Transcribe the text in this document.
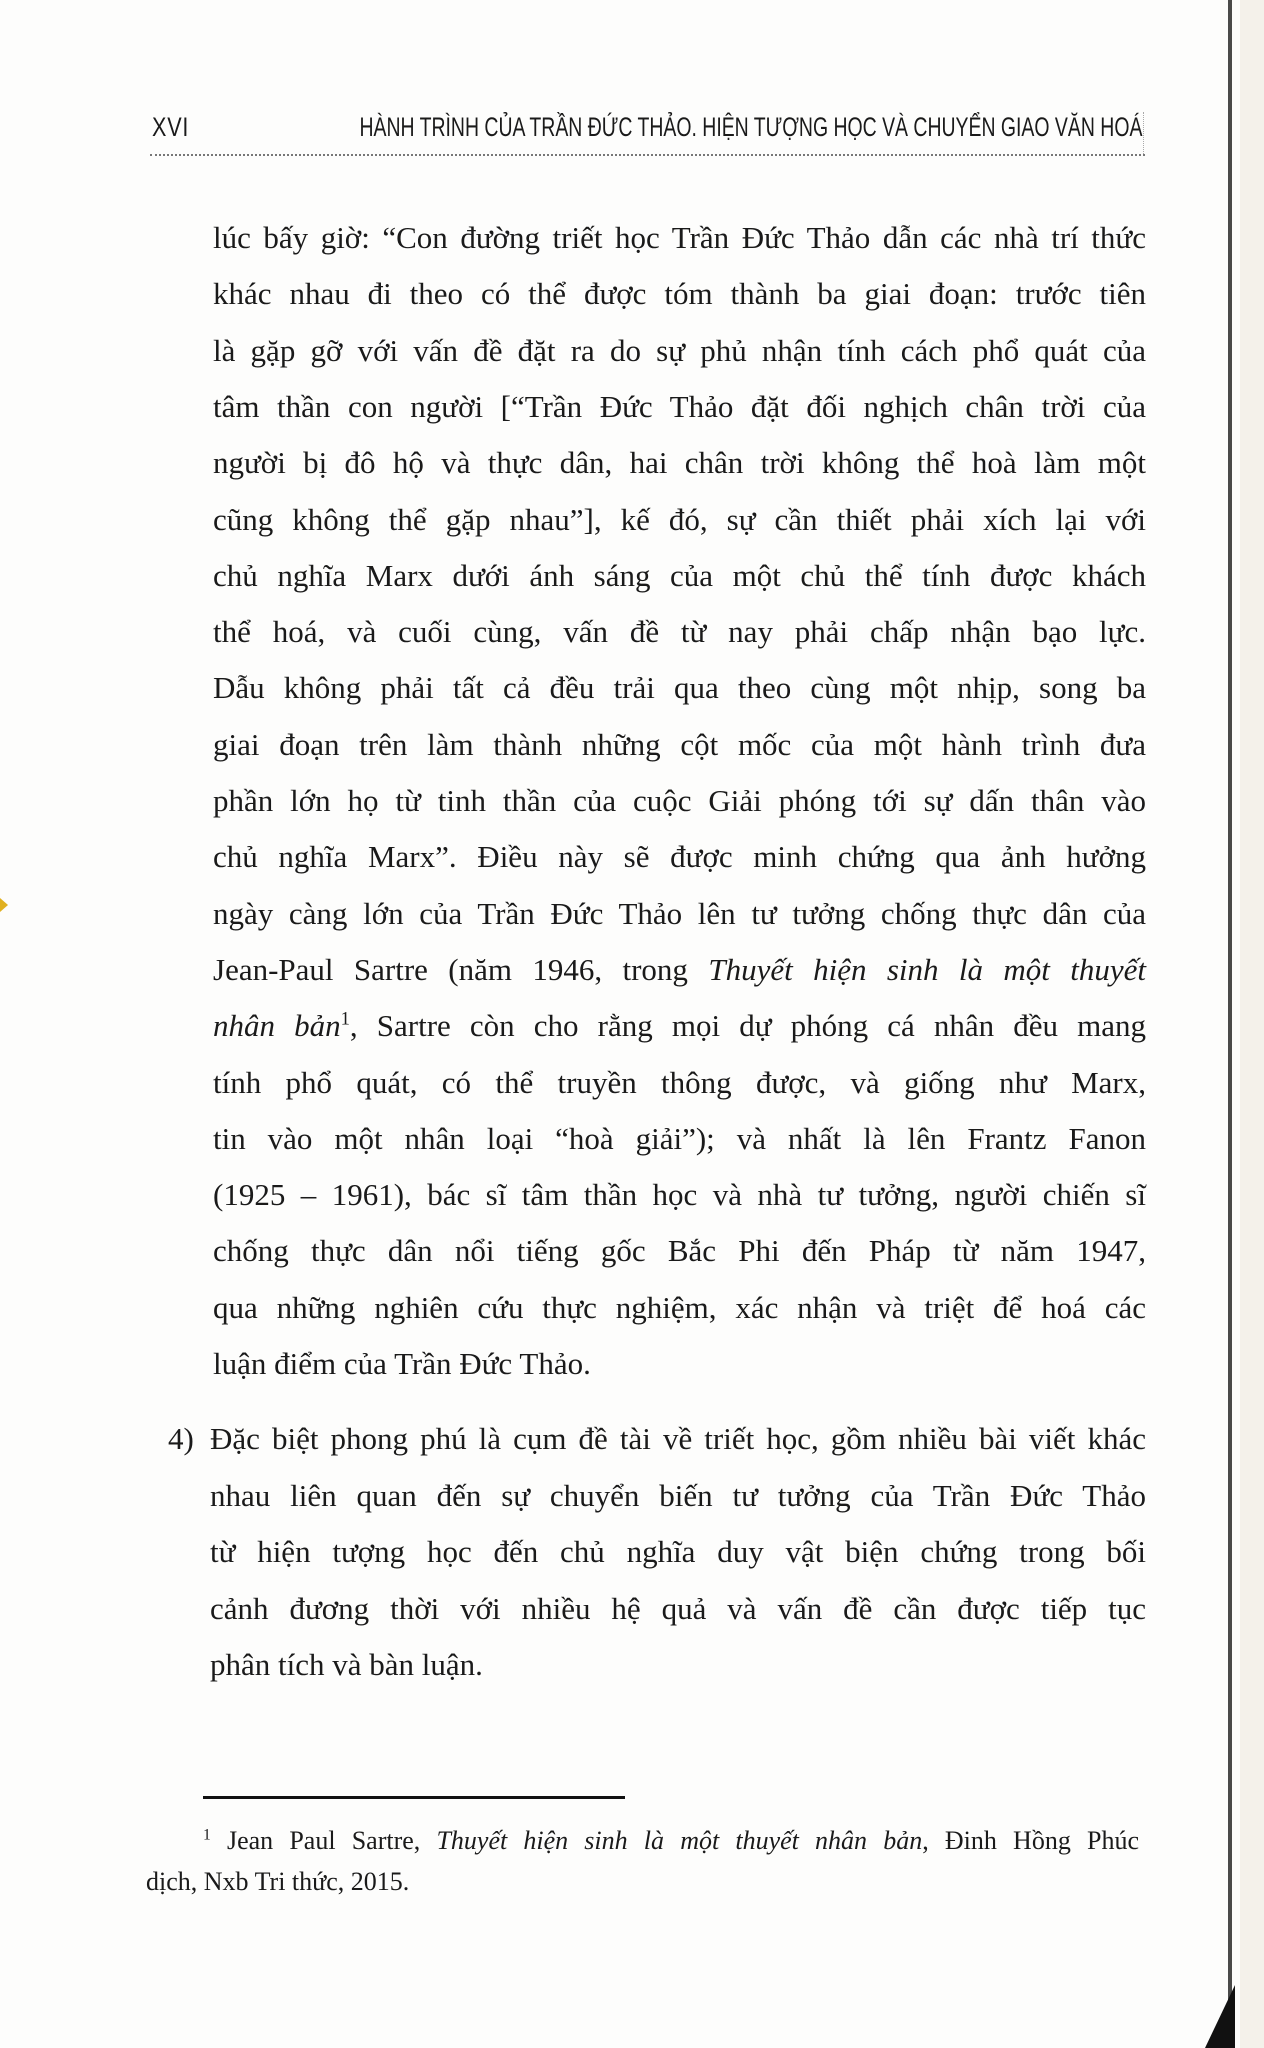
XVI	HÀNH TRÌNH CỦA TRẦN ĐỨC THẢO. HIỆN TƯỢNG HỌC VÀ CHUYỂN GIAO VĂN HOÁ
lúc bấy giờ: “Con đường triết học Trần Đức Thảo dẫn các nhà trí thức
khác nhau đi theo có thể được tóm thành ba giai đoạn: trước tiên
là gặp gỡ với vấn đề đặt ra do sự phủ nhận tính cách phổ quát của
tâm thần con người [“Trần Đức Thảo đặt đối nghịch chân trời của
người bị đô hộ và thực dân, hai chân trời không thể hoà làm một
cũng không thể gặp nhau”], kế đó, sự cần thiết phải xích lại với
chủ nghĩa Marx dưới ánh sáng của một chủ thể tính được khách
thể hoá, và cuối cùng, vấn đề từ nay phải chấp nhận bạo lực.
Dẫu không phải tất cả đều trải qua theo cùng một nhịp, song ba
giai đoạn trên làm thành những cột mốc của một hành trình đưa
phần lớn họ từ tinh thần của cuộc Giải phóng tới sự dấn thân vào
chủ nghĩa Marx”. Điều này sẽ được minh chứng qua ảnh hưởng
ngày càng lớn của Trần Đức Thảo lên tư tưởng chống thực dân của
Jean-Paul Sartre (năm 1946, trong Thuyết hiện sinh là một thuyết
nhân bản$^1$, Sartre còn cho rằng mọi dự phóng cá nhân đều mang
tính phổ quát, có thể truyền thông được, và giống như Marx,
tin vào một nhân loại “hoà giải”); và nhất là lên Frantz Fanon
(1925 – 1961), bác sĩ tâm thần học và nhà tư tưởng, người chiến sĩ
chống thực dân nổi tiếng gốc Bắc Phi đến Pháp từ năm 1947,
qua những nghiên cứu thực nghiệm, xác nhận và triệt để hoá các
luận điểm của Trần Đức Thảo.
4) Đặc biệt phong phú là cụm đề tài về triết học, gồm nhiều bài viết khác
nhau liên quan đến sự chuyển biến tư tưởng của Trần Đức Thảo
từ hiện tượng học đến chủ nghĩa duy vật biện chứng trong bối
cảnh đương thời với nhiều hệ quả và vấn đề cần được tiếp tục
phân tích và bàn luận.
$^1$ Jean Paul Sartre, Thuyết hiện sinh là một thuyết nhân bản, Đinh Hồng Phúc
dịch, Nxb Tri thức, 2015.
